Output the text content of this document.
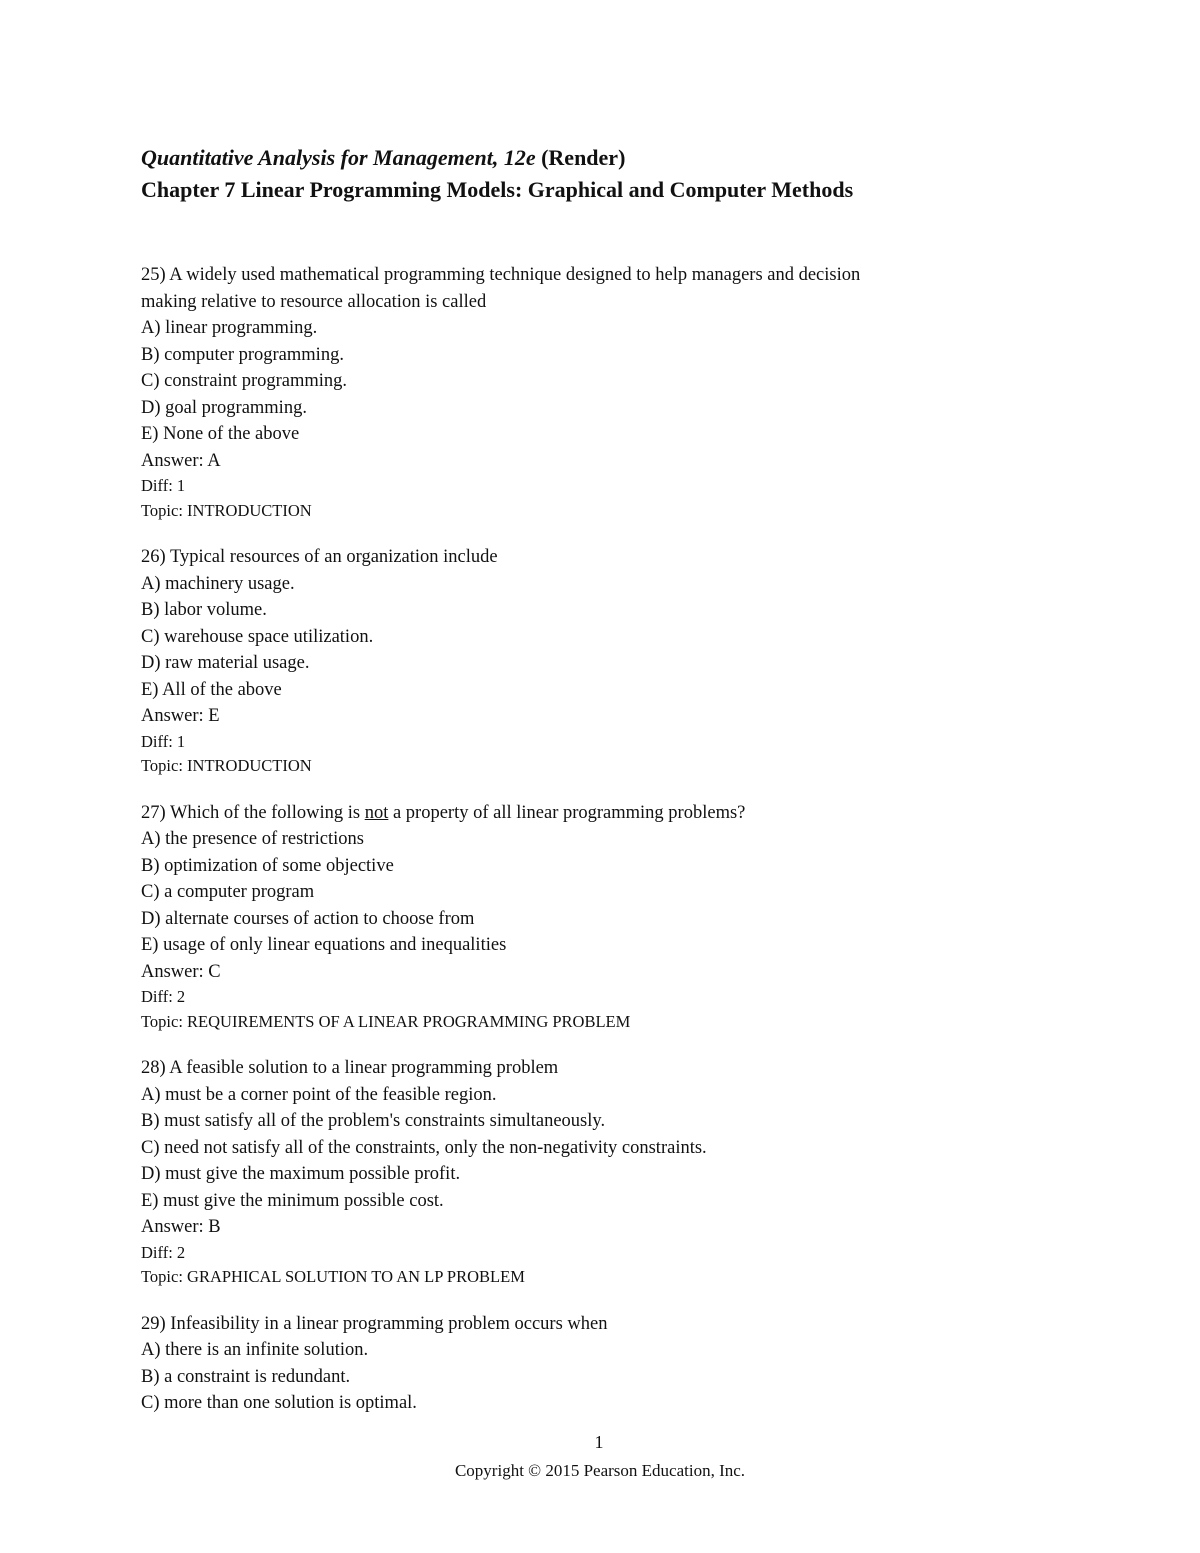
Quantitative Analysis for Management, 12e (Render)
Chapter 7 Linear Programming Models: Graphical and Computer Methods
25) A widely used mathematical programming technique designed to help managers and decision
making relative to resource allocation is called
A) linear programming.
B) computer programming.
C) constraint programming.
D) goal programming.
E) None of the above
Answer: A
Diff: 1
Topic: INTRODUCTION
26) Typical resources of an organization include
A) machinery usage.
B) labor volume.
C) warehouse space utilization.
D) raw material usage.
E) All of the above
Answer: E
Diff: 1
Topic: INTRODUCTION
27) Which of the following is not a property of all linear programming problems?
A) the presence of restrictions
B) optimization of some objective
C) a computer program
D) alternate courses of action to choose from
E) usage of only linear equations and inequalities
Answer: C
Diff: 2
Topic: REQUIREMENTS OF A LINEAR PROGRAMMING PROBLEM
28) A feasible solution to a linear programming problem
A) must be a corner point of the feasible region.
B) must satisfy all of the problem's constraints simultaneously.
C) need not satisfy all of the constraints, only the non-negativity constraints.
D) must give the maximum possible profit.
E) must give the minimum possible cost.
Answer: B
Diff: 2
Topic: GRAPHICAL SOLUTION TO AN LP PROBLEM
29) Infeasibility in a linear programming problem occurs when
A) there is an infinite solution.
B) a constraint is redundant.
C) more than one solution is optimal.
1
Copyright © 2015 Pearson Education, Inc.
